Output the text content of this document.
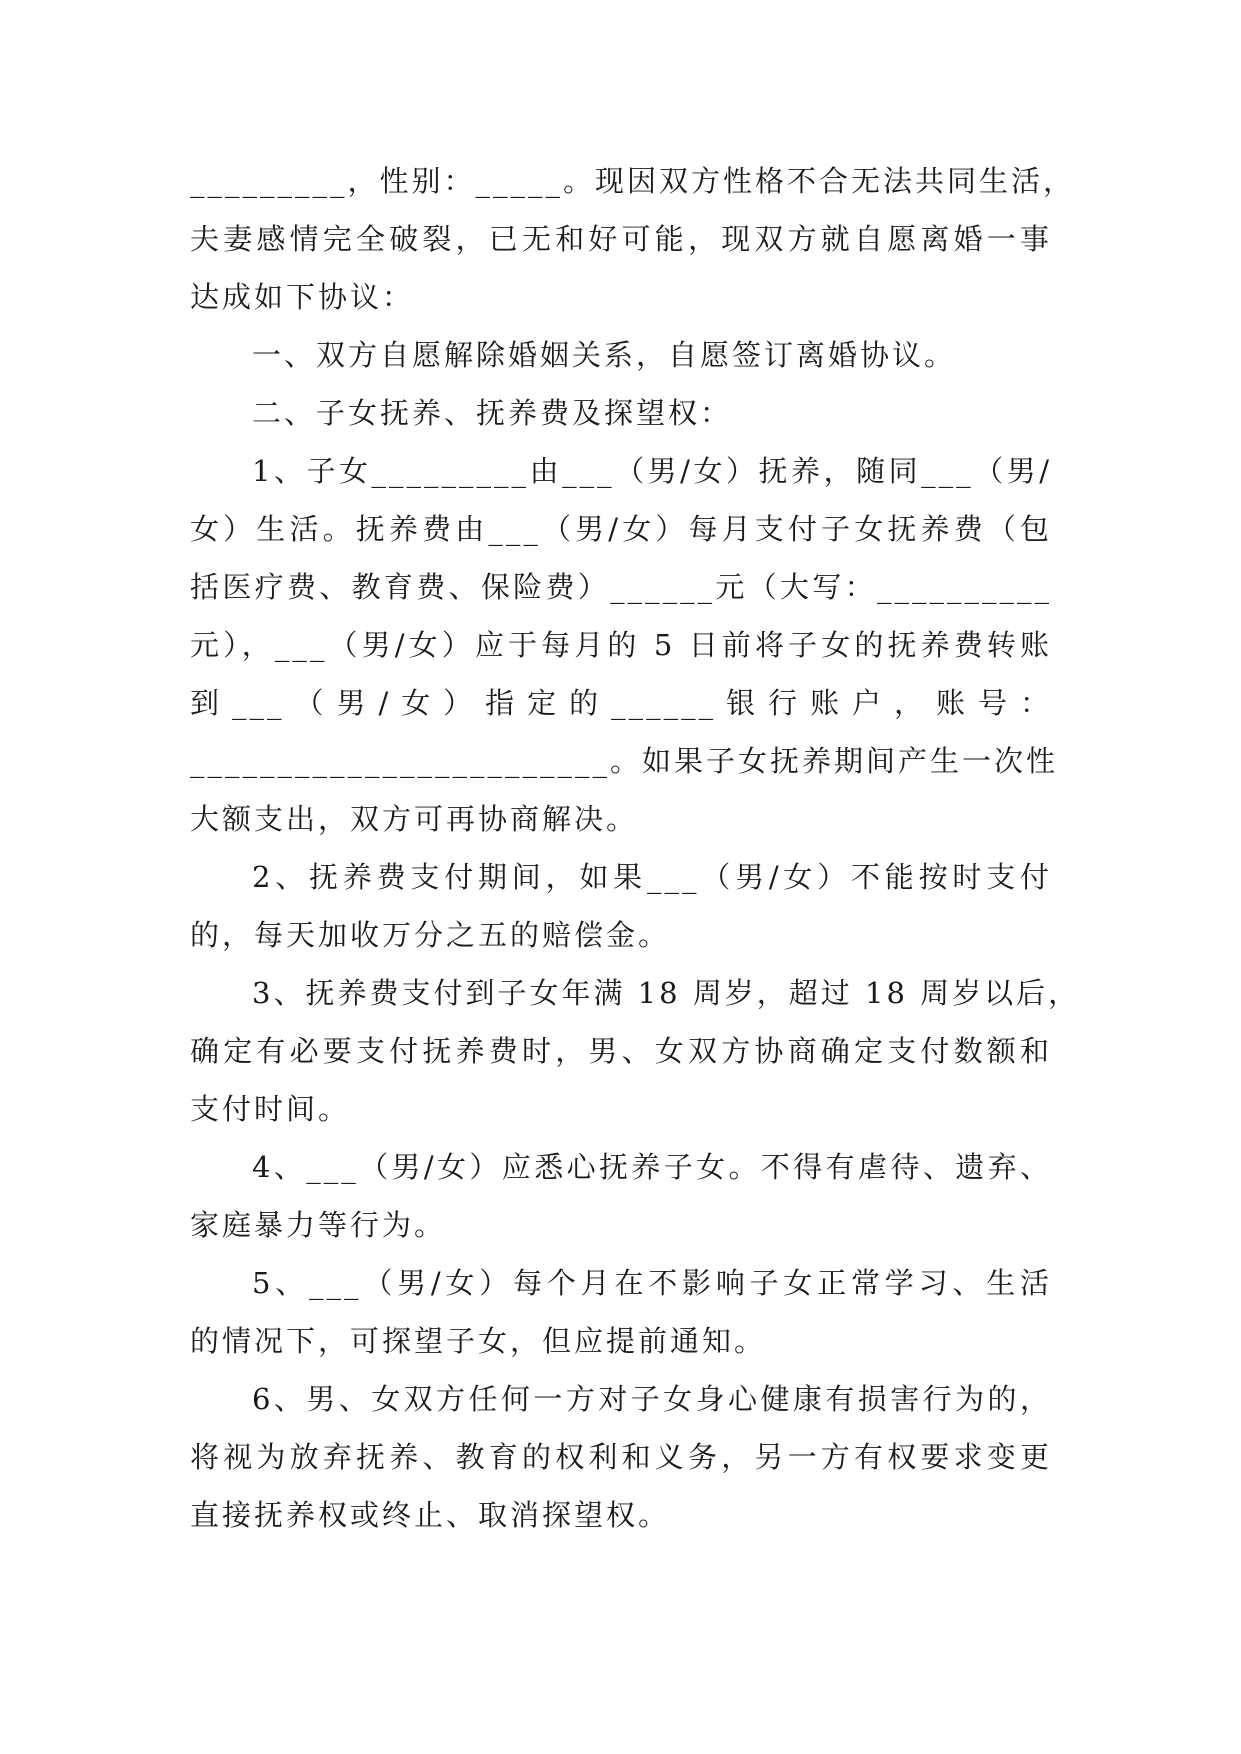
_________，性别：_____。现因双方性格不合无法共同生活，
夫妻感情完全破裂，已无和好可能，现双方就自愿离婚一事
达成如下协议：
一、双方自愿解除婚姻关系，自愿签订离婚协议。
二、子女抚养、抚养费及探望权：
1、子女_________由___（男/女）抚养，随同___（男/
女）生活。抚养费由___（男/女）每月支付子女抚养费（包
括医疗费、教育费、保险费）______元（大写：__________
元），___（男/女）应于每月的 5 日前将子女的抚养费转账
到___（男/女）指定的______银行账户，账号：
________________________。如果子女抚养期间产生一次性
大额支出，双方可再协商解决。
2、抚养费支付期间，如果___（男/女）不能按时支付
的，每天加收万分之五的赔偿金。
3、抚养费支付到子女年满 18 周岁，超过 18 周岁以后，
确定有必要支付抚养费时，男、女双方协商确定支付数额和
支付时间。
4、___（男/女）应悉心抚养子女。不得有虐待、遗弃、
家庭暴力等行为。
5、___（男/女）每个月在不影响子女正常学习、生活
的情况下，可探望子女，但应提前通知。
6、男、女双方任何一方对子女身心健康有损害行为的，
将视为放弃抚养、教育的权利和义务，另一方有权要求变更
直接抚养权或终止、取消探望权。
